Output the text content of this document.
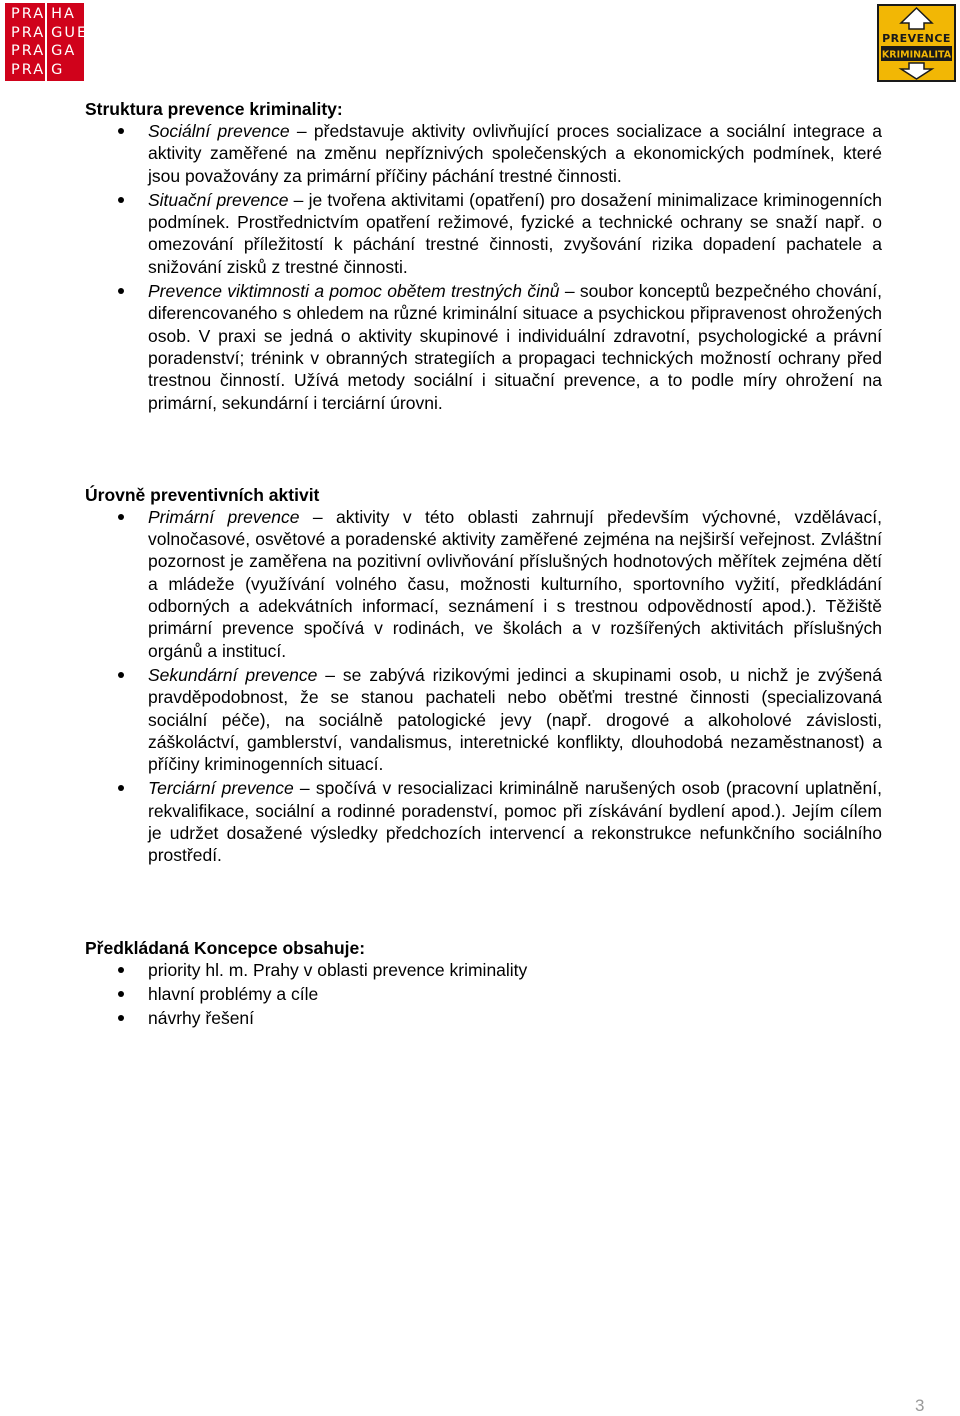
PRA
PRA
PRA
PRA
HA
GUE
GA
G
PREVENCE
KRIMINALITA
Struktura prevence kriminality:
Sociální prevence – představuje aktivity ovlivňující proces socializace a sociální integrace a aktivity zaměřené na změnu nepříznivých společenských a ekonomických podmínek, které jsou považovány za primární příčiny páchání trestné činnosti.
Situační prevence – je tvořena aktivitami (opatření) pro dosažení minimalizace kriminogenních podmínek. Prostřednictvím opatření režimové, fyzické a technické ochrany se snaží např. o omezování příležitostí k páchání trestné činnosti, zvyšování rizika dopadení pachatele a snižování zisků z trestné činnosti.
Prevence viktimnosti a pomoc obětem trestných činů – soubor konceptů bezpečného chování, diferencovaného s ohledem na různé kriminální situace a psychickou připravenost ohrožených osob. V praxi se jedná o aktivity skupinové i individuální zdravotní, psychologické a právní poradenství; trénink v obranných strategiích a propagaci technických možností ochrany před trestnou činností. Užívá metody sociální i situační prevence, a to podle míry ohrožení na primární, sekundární i terciární úrovni.
Úrovně preventivních aktivit
Primární prevence – aktivity v této oblasti zahrnují především výchovné, vzdělávací, volnočasové, osvětové a poradenské aktivity zaměřené zejména na nejširší veřejnost. Zvláštní pozornost je zaměřena na pozitivní ovlivňování příslušných hodnotových měřítek zejména dětí a mládeže (využívání volného času, možnosti kulturního, sportovního vyžití, předkládání odborných a adekvátních informací, seznámení i s trestnou odpovědností apod.). Těžiště primární prevence spočívá v rodinách, ve školách a v rozšířených aktivitách příslušných orgánů a institucí.
Sekundární prevence – se zabývá rizikovými jedinci a skupinami osob, u nichž je zvýšená pravděpodobnost, že se stanou pachateli nebo oběťmi trestné činnosti (specializovaná sociální péče), na sociálně patologické jevy (např. drogové a alkoholové závislosti, záškoláctví, gamblerství, vandalismus, interetnické konflikty, dlouhodobá nezaměstnanost) a příčiny kriminogenních situací.
Terciární prevence – spočívá v resocializaci kriminálně narušených osob (pracovní uplatnění, rekvalifikace, sociální a rodinné poradenství, pomoc při získávání bydlení apod.). Jejím cílem je udržet dosažené výsledky předchozích intervencí a rekonstrukce nefunkčního sociálního prostředí.
Předkládaná Koncepce obsahuje:
priority hl. m. Prahy v oblasti prevence kriminality
hlavní problémy a cíle
návrhy řešení
3
